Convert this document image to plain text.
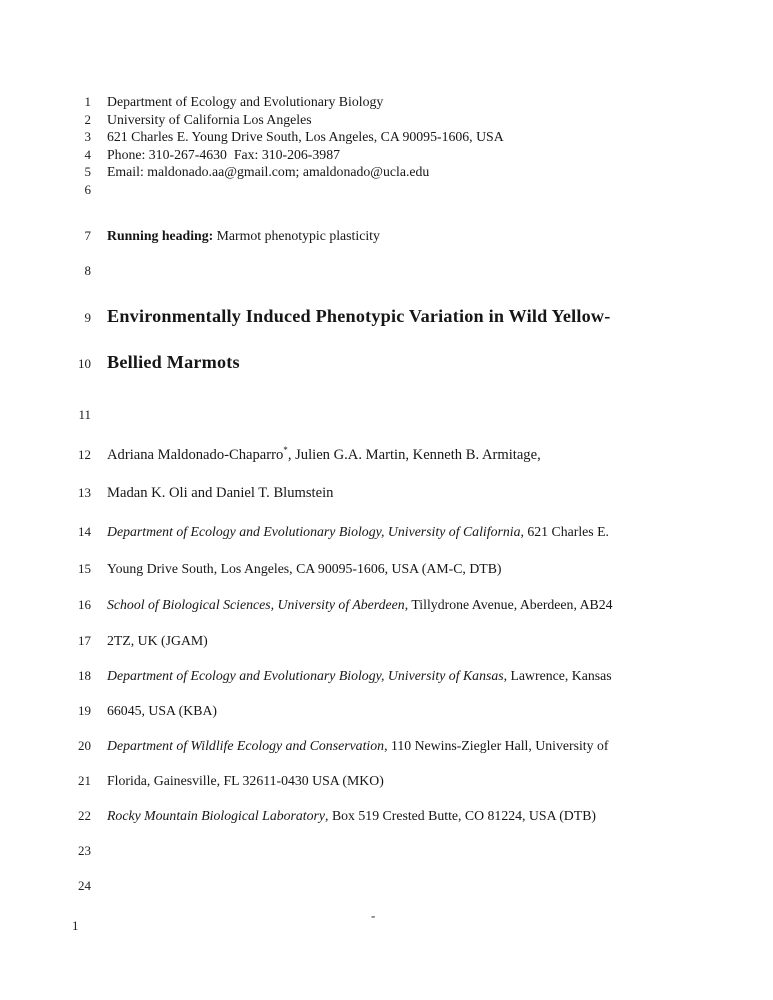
1 Department of Ecology and Evolutionary Biology
2 University of California Los Angeles
3 621 Charles E. Young Drive South, Los Angeles, CA 90095-1606, USA
4 Phone: 310-267-4630  Fax: 310-206-3987
5 Email: maldonado.aa@gmail.com; amaldonado@ucla.edu
6
7 Running heading: Marmot phenotypic plasticity
8
9 Environmentally Induced Phenotypic Variation in Wild Yellow-
10 Bellied Marmots
11
12 Adriana Maldonado-Chaparro*, Julien G.A. Martin, Kenneth B. Armitage,
13 Madan K. Oli and Daniel T. Blumstein
14 Department of Ecology and Evolutionary Biology, University of California, 621 Charles E.
15 Young Drive South, Los Angeles, CA 90095-1606, USA (AM-C, DTB)
16 School of Biological Sciences, University of Aberdeen, Tillydrone Avenue, Aberdeen, AB24
17 2TZ, UK (JGAM)
18 Department of Ecology and Evolutionary Biology, University of Kansas, Lawrence, Kansas
19 66045, USA (KBA)
20 Department of Wildlife Ecology and Conservation, 110 Newins-Ziegler Hall, University of
21 Florida, Gainesville, FL 32611-0430 USA (MKO)
22 Rocky Mountain Biological Laboratory, Box 519 Crested Butte, CO 81224, USA (DTB)
23
24
-
1
